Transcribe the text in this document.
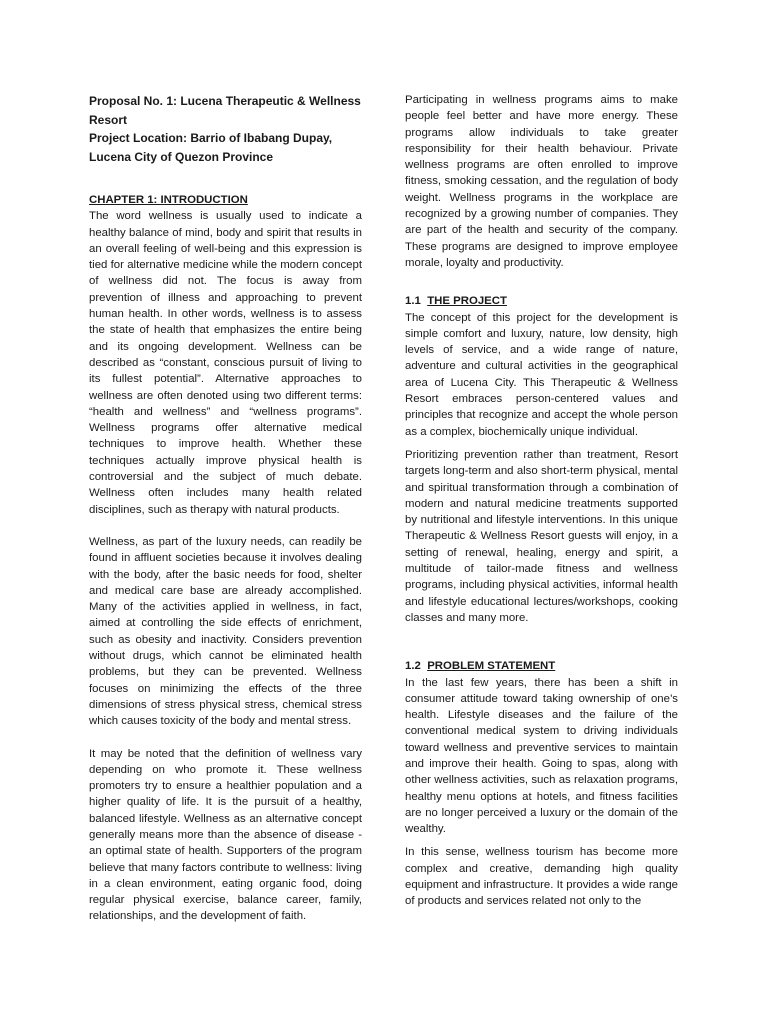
Proposal No. 1: Lucena Therapeutic & Wellness Resort

Project Location: Barrio of Ibabang Dupay, Lucena City of Quezon Province

CHAPTER 1: INTRODUCTION

The word wellness is usually used to indicate a healthy balance of mind, body and spirit that results in an overall feeling of well-being and this expression is tied for alternative medicine while the modern concept of wellness did not. The focus is away from prevention of illness and approaching to prevent human health. In other words, wellness is to assess the state of health that emphasizes the entire being and its ongoing development. Wellness can be described as “constant, conscious pursuit of living to its fullest potential”. Alternative approaches to wellness are often denoted using two different terms: “health and wellness” and “wellness programs”. Wellness programs offer alternative medical techniques to improve health. Whether these techniques actually improve physical health is controversial and the subject of much debate. Wellness often includes many health related disciplines, such as therapy with natural products.

Wellness, as part of the luxury needs, can readily be found in affluent societies because it involves dealing with the body, after the basic needs for food, shelter and medical care base are already accomplished. Many of the activities applied in wellness, in fact, aimed at controlling the side effects of enrichment, such as obesity and inactivity. Considers prevention without drugs, which cannot be eliminated health problems, but they can be prevented. Wellness focuses on minimizing the effects of the three dimensions of stress physical stress, chemical stress which causes toxicity of the body and mental stress.

It may be noted that the definition of wellness vary depending on who promote it. These wellness promoters try to ensure a healthier population and a higher quality of life. It is the pursuit of a healthy, balanced lifestyle. Wellness as an alternative concept generally means more than the absence of disease - an optimal state of health. Supporters of the program believe that many factors contribute to wellness: living in a clean environment, eating organic food, doing regular physical exercise, balance career, family, relationships, and the development of faith.

Participating in wellness programs aims to make people feel better and have more energy. These programs allow individuals to take greater responsibility for their health behaviour. Private wellness programs are often enrolled to improve fitness, smoking cessation, and the regulation of body weight. Wellness programs in the workplace are recognized by a growing number of companies. They are part of the health and security of the company. These programs are designed to improve employee morale, loyalty and productivity.

1.1 THE PROJECT

The concept of this project for the development is simple comfort and luxury, nature, low density, high levels of service, and a wide range of nature, adventure and cultural activities in the geographical area of Lucena City. This Therapeutic & Wellness Resort embraces person-centered values and principles that recognize and accept the whole person as a complex, biochemically unique individual.

Prioritizing prevention rather than treatment, Resort targets long-term and also short-term physical, mental and spiritual transformation through a combination of modern and natural medicine treatments supported by nutritional and lifestyle interventions. In this unique Therapeutic & Wellness Resort guests will enjoy, in a setting of renewal, healing, energy and spirit, a multitude of tailor-made fitness and wellness programs, including physical activities, informal health and lifestyle educational lectures/workshops, cooking classes and many more.

1.2 PROBLEM STATEMENT

In the last few years, there has been a shift in consumer attitude toward taking ownership of one’s health. Lifestyle diseases and the failure of the conventional medical system to driving individuals toward wellness and preventive services to maintain and improve their health. Going to spas, along with other wellness activities, such as relaxation programs, healthy menu options at hotels, and fitness facilities are no longer perceived a luxury or the domain of the wealthy.

In this sense, wellness tourism has become more complex and creative, demanding high quality equipment and infrastructure. It provides a wide range of products and services related not only to the
